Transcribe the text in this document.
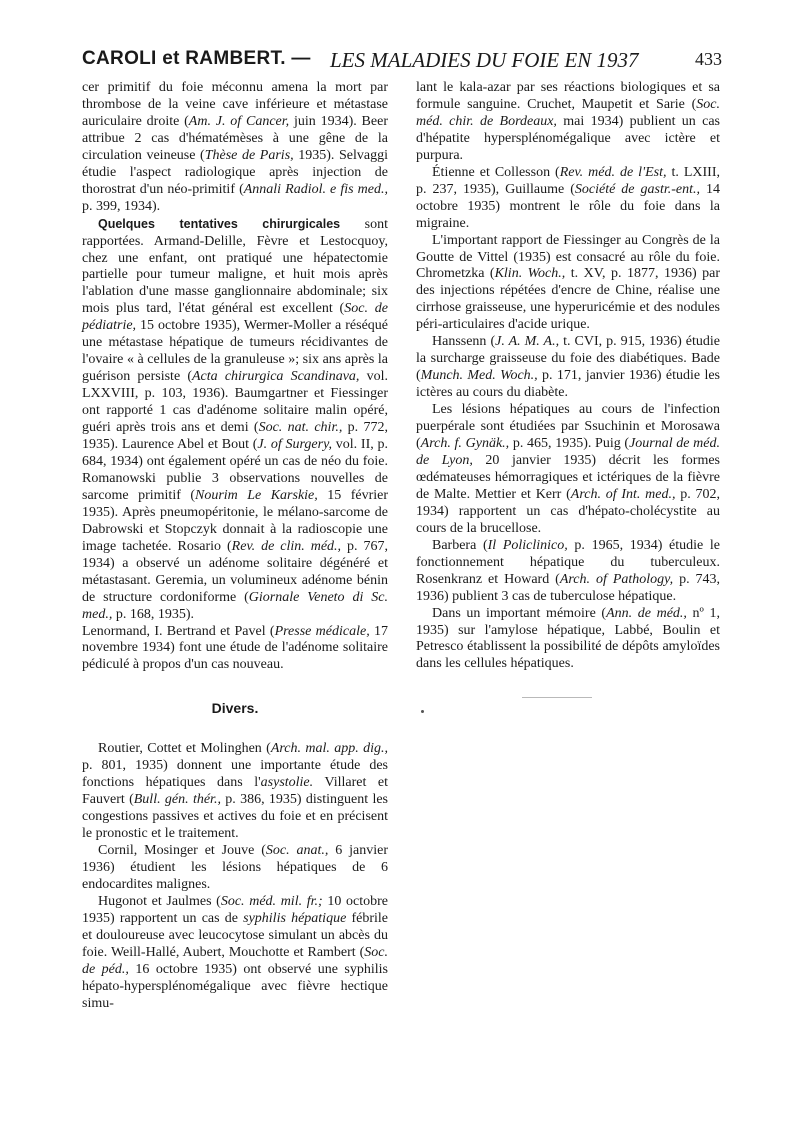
CAROLI et RAMBERT. — LES MALADIES DU FOIE EN 1937	433

cer primitif du foie méconnu amena la mort par thrombose de la veine cave inférieure et métastase auriculaire droite (Am. J. of Cancer, juin 1934). Beer attribue 2 cas d'hématémèses à une gêne de la circulation veineuse (Thèse de Paris, 1935). Selvaggi étudie l'aspect radiologique après injection de thorostrat d'un néo-primitif (Annali Radiol. e fis med., p. 399, 1934).

Quelques tentatives chirurgicales sont rapportées. Armand-Delille, Fèvre et Lestocquoy, chez une enfant, ont pratiqué une hépatectomie partielle pour tumeur maligne, et huit mois après l'ablation d'une masse ganglionnaire abdominale; six mois plus tard, l'état général est excellent (Soc. de pédiatrie, 15 octobre 1935), Wermer-Moller a réséqué une métastase hépatique de tumeurs récidivantes de l'ovaire « à cellules de la granuleuse »; six ans après la guérison persiste (Acta chirurgica Scandinava, vol. LXXVIII, p. 103, 1936). Baumgartner et Fiessinger ont rapporté 1 cas d'adénome solitaire malin opéré, guéri après trois ans et demi (Soc. nat. chir., p. 772, 1935). Laurence Abel et Bout (J. of Surgery, vol. II, p. 684, 1934) ont également opéré un cas de néo du foie. Romanowski publie 3 observations nouvelles de sarcome primitif (Nourim Le Karskie, 15 février 1935). Après pneumopéritonie, le mélano-sarcome de Dabrowski et Stopczyk donnait à la radioscopie une image tachetée. Rosario (Rev. de clin. méd., p. 767, 1934) a observé un adénome solitaire dégénéré et métastasant. Geremia, un volumineux adénome bénin de structure cordoniforme (Giornale Veneto di Sc. med., p. 168, 1935).

Lenormand, I. Bertrand et Pavel (Presse médicale, 17 novembre 1934) font une étude de l'adénome solitaire pédiculé à propos d'un cas nouveau.

Divers.

Routier, Cottet et Molinghen (Arch. mal. app. dig., p. 801, 1935) donnent une importante étude des fonctions hépatiques dans l'asystolie. Villaret et Fauvert (Bull. gén. thér., p. 386, 1935) distinguent les congestions passives et actives du foie et en précisent le pronostic et le traitement.

Cornil, Mosinger et Jouve (Soc. anat., 6 janvier 1936) étudient les lésions hépatiques de 6 endocardites malignes.

Hugonot et Jaulmes (Soc. méd. mil. fr.; 10 octobre 1935) rapportent un cas de syphilis hépatique fébrile et douloureuse avec leucocytose simulant un abcès du foie. Weill-Hallé, Aubert, Mouchotte et Rambert (Soc. de péd., 16 octobre 1935) ont observé une syphilis hépato-hypersplénomégalique avec fièvre hectique simu-

lant le kala-azar par ses réactions biologiques et sa formule sanguine. Cruchet, Maupetit et Sarie (Soc. méd. chir. de Bordeaux, mai 1934) publient un cas d'hépatite hypersplénomégalique avec ictère et purpura.

Étienne et Collesson (Rev. méd. de l'Est, t. LXIII, p. 237, 1935), Guillaume (Société de gastr.-ent., 14 octobre 1935) montrent le rôle du foie dans la migraine.

L'important rapport de Fiessinger au Congrès de la Goutte de Vittel (1935) est consacré au rôle du foie. Chrometzka (Klin. Woch., t. XV, p. 1877, 1936) par des injections répétées d'encre de Chine, réalise une cirrhose graisseuse, une hyperuricémie et des nodules péri-articulaires d'acide urique.

Hanssenn (J. A. M. A., t. CVI, p. 915, 1936) étudie la surcharge graisseuse du foie des diabétiques. Bade (Munch. Med. Woch., p. 171, janvier 1936) étudie les ictères au cours du diabète.

Les lésions hépatiques au cours de l'infection puerpérale sont étudiées par Ssuchinin et Morosawa (Arch. f. Gynäk., p. 465, 1935). Puig (Journal de méd. de Lyon, 20 janvier 1935) décrit les formes œdémateuses hémorragiques et ictériques de la fièvre de Malte. Mettier et Kerr (Arch. of Int. med., p. 702, 1934) rapportent un cas d'hépato-cholécystite au cours de la brucellose.

Barbera (Il Policlinico, p. 1965, 1934) étudie le fonctionnement hépatique du tuberculeux. Rosenkranz et Howard (Arch. of Pathology, p. 743, 1936) publient 3 cas de tuberculose hépatique.

Dans un important mémoire (Ann. de méd., nº 1, 1935) sur l'amylose hépatique, Labbé, Boulin et Petresco établissent la possibilité de dépôts amyloïdes dans les cellules hépatiques.
